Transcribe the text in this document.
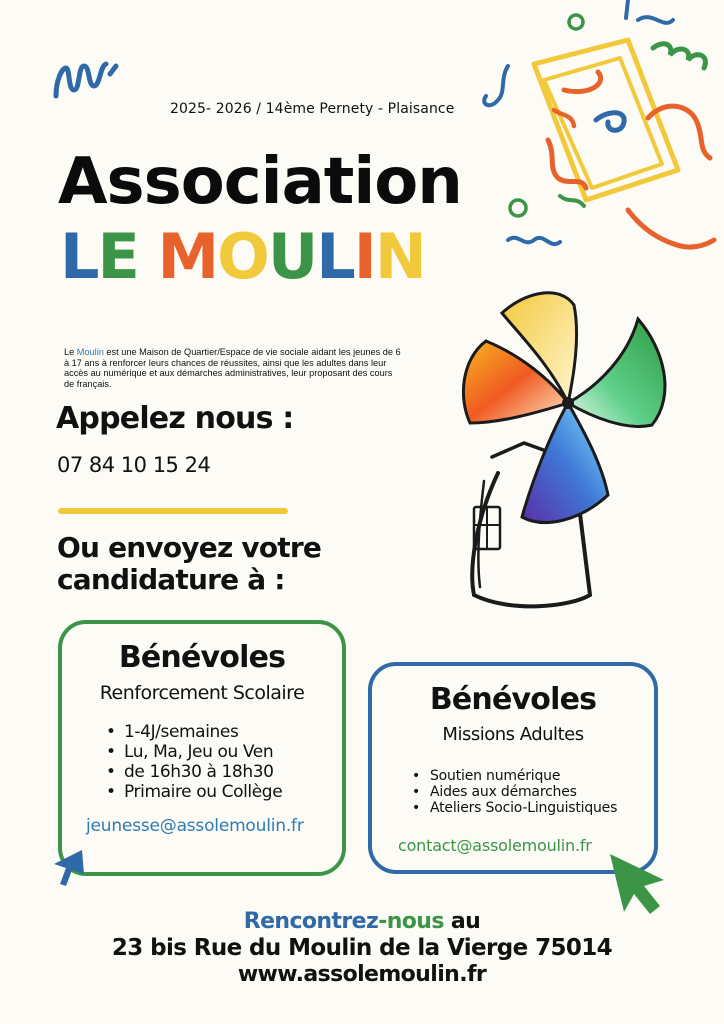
2025- 2026 / 14ème Pernety - Plaisance
Association
LE MOULIN
Le Moulin est une Maison de Quartier/Espace de vie sociale aidant les jeunes de 6 à 17 ans à renforcer leurs chances de réussites, ainsi que les adultes dans leur accès au numérique et aux démarches administratives, leur proposant des cours de français.
Appelez nous :
07 84 10 15 24
Ou envoyez votre
candidature à :
Bénévoles
Renforcement Scolaire
• 1-4J/semaines
• Lu, Ma, Jeu ou Ven
• de 16h30 à 18h30
• Primaire ou Collège
jeunesse@assolemoulin.fr
Bénévoles
Missions Adultes
• Soutien numérique
• Aides aux démarches
• Ateliers Socio-Linguistiques
contact@assolemoulin.fr
Rencontrez-nous au
23 bis Rue du Moulin de la Vierge 75014
www.assolemoulin.fr
